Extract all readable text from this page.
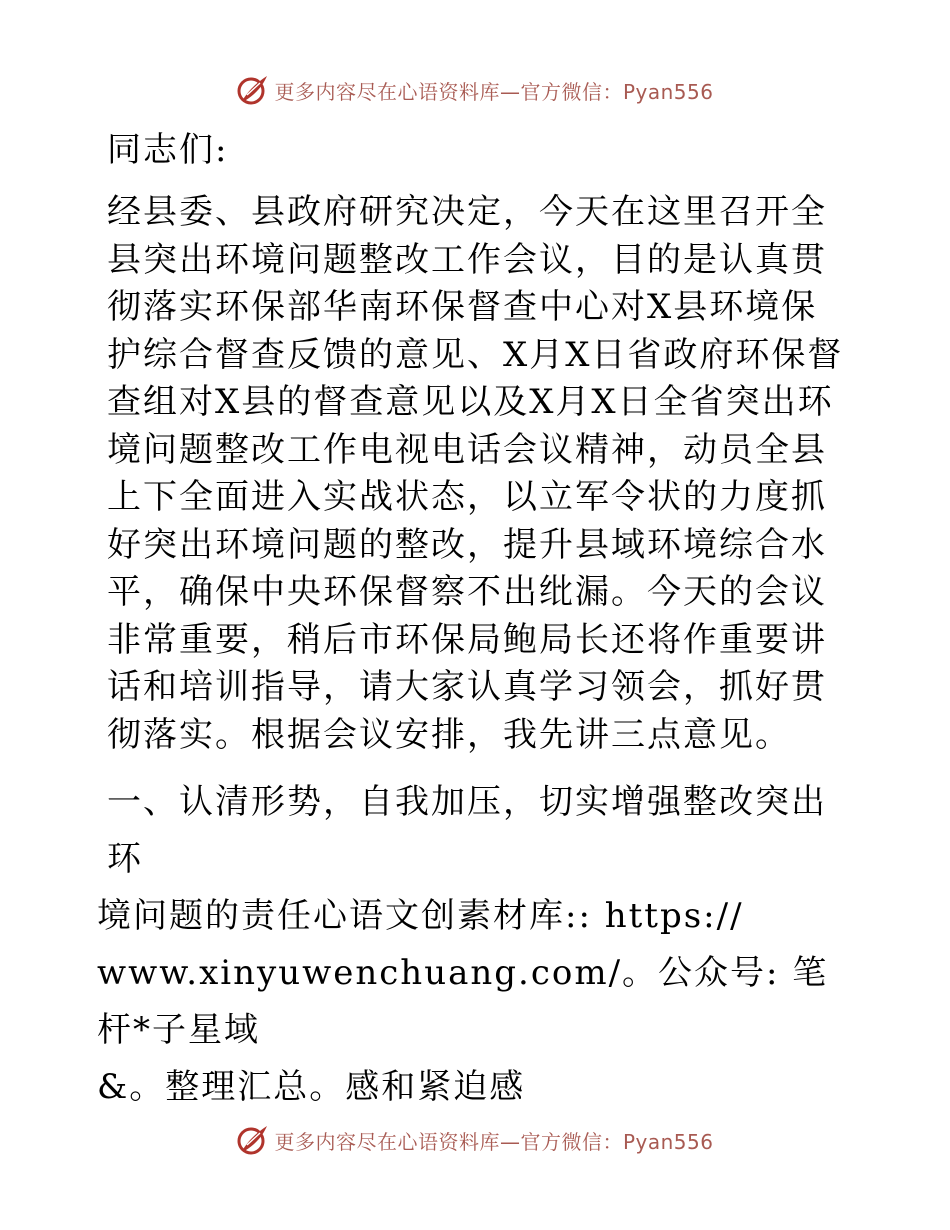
更多内容尽在心语资料库—官方微信：Pyan556

同志们:

经县委、县政府研究决定，今天在这里召开全县突出环境问题整改工作会议，目的是认真贯彻落实环保部华南环保督查中心对X县环境保护综合督查反馈的意见、X月X日省政府环保督查组对X县的督查意见以及X月X日全省突出环境问题整改工作电视电话会议精神，动员全县上下全面进入实战状态，以立军令状的力度抓好突出环境问题的整改，提升县域环境综合水平，确保中央环保督察不出纰漏。今天的会议非常重要，稍后市环保局鲍局长还将作重要讲话和培训指导，请大家认真学习领会，抓好贯彻落实。根据会议安排，我先讲三点意见。

一、认清形势，自我加压，切实增强整改突出环
境问题的责任心语文创素材库:: https://
www.xinyuwenchuang.com/。公众号: 笔杆*子星域
&。整理汇总。感和紧迫感

更多内容尽在心语资料库—官方微信：Pyan556
